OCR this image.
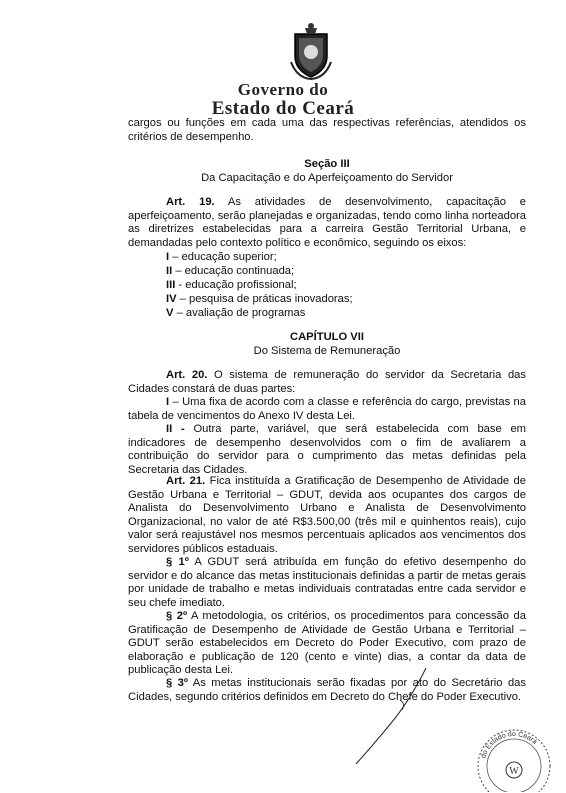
Governo do
Estado do Ceará
cargos ou funções em cada uma das respectivas referências, atendidos os critérios de desempenho.
Seção III
Da Capacitação e do Aperfeiçoamento do Servidor
Art. 19. As atividades de desenvolvimento, capacitação e aperfeiçoamento, serão planejadas e organizadas, tendo como linha norteadora as diretrizes estabelecidas para a carreira Gestão Territorial Urbana, e demandadas pelo contexto político e econômico, seguindo os eixos:
I – educação superior;
II – educação continuada;
III - educação profissional;
IV – pesquisa de práticas inovadoras;
V – avaliação de programas
CAPÍTULO VII
Do Sistema de Remuneração
Art. 20. O sistema de remuneração do servidor da Secretaria das Cidades constará de duas partes:
I – Uma fixa de acordo com a classe e referência do cargo, previstas na tabela de vencimentos do Anexo IV desta Lei.
II - Outra parte, variável, que será estabelecida com base em indicadores de desempenho desenvolvidos com o fim de avaliarem a contribuição do servidor para o cumprimento das metas definidas pela Secretaria das Cidades.
Art. 21. Fica instituída a Gratificação de Desempenho de Atividade de Gestão Urbana e Territorial – GDUT, devida aos ocupantes dos cargos de Analista do Desenvolvimento Urbano e Analista de Desenvolvimento Organizacional, no valor de até R$3.500,00 (três mil e quinhentos reais), cujo valor será reajustável nos mesmos percentuais aplicados aos vencimentos dos servidores públicos estaduais.
§ 1º A GDUT será atribuída em função do efetivo desempenho do servidor e do alcance das metas institucionais definidas a partir de metas gerais por unidade de trabalho e metas individuais contratadas entre cada servidor e seu chefe imediato.
§ 2º A metodologia, os critérios, os procedimentos para concessão da Gratificação de Desempenho de Atividade de Gestão Urbana e Territorial – GDUT serão estabelecidos em Decreto do Poder Executivo, com prazo de elaboração e publicação de 120 (cento e vinte) dias, a contar da data de publicação desta Lei.
§ 3º As metas institucionais serão fixadas por ato do Secretário das Cidades, segundo critérios definidos em Decreto do Chefe do Poder Executivo.
do Estado do Ceará
W
